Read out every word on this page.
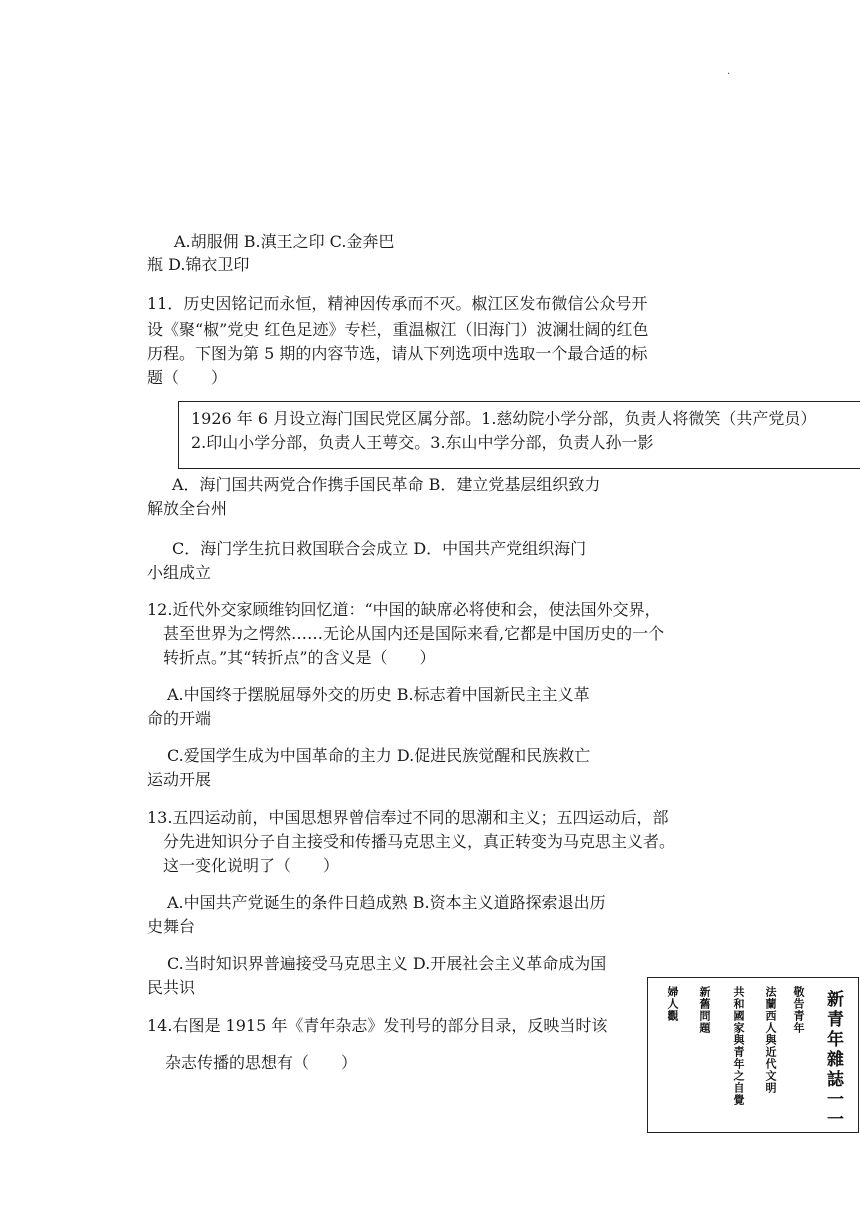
.
A.胡服佣 B.滇王之印 C.金奔巴
瓶 D.锦衣卫印
11．历史因铭记而永恒，精神因传承而不灭。椒江区发布微信公众号开
设《聚“椒”党史 红色足迹》专栏，重温椒江（旧海门）波澜壮阔的红色
历程。下图为第 5 期的内容节选，请从下列选项中选取一个最合适的标
题（　　）
1926 年 6 月设立海门国民党区属分部。1.慈幼院小学分部，负责人将微笑（共产党员）
2.印山小学分部，负责人王萼交。3.东山中学分部，负责人孙一影
A．海门国共两党合作携手国民革命 B．建立党基层组织致力
解放全台州
C．海门学生抗日救国联合会成立 D．中国共产党组织海门
小组成立
12.近代外交家顾维钧回忆道：“中国的缺席必将使和会，使法国外交界，
甚至世界为之愕然……无论从国内还是国际来看,它都是中国历史的一个
转折点。”其“转折点”的含义是（　　）
A.中国终于摆脱屈辱外交的历史 B.标志着中国新民主主义革
命的开端
C.爱国学生成为中国革命的主力 D.促进民族觉醒和民族救亡
运动开展
13.五四运动前，中国思想界曾信奉过不同的思潮和主义；五四运动后，部
分先进知识分子自主接受和传播马克思主义，真正转变为马克思主义者。
这一变化说明了（　　）
A.中国共产党诞生的条件日趋成熟 B.资本主义道路探索退出历
史舞台
C.当时知识界普遍接受马克思主义 D.开展社会主义革命成为国
民共识
14.右图是 1915 年《青年杂志》发刊号的部分目录，反映当时该
杂志传播的思想有（　　）	新青年雜誌一一
敬告青年
法蘭西人與近代文明
共和國家與青年之自覺
新舊問題
婦人觀
